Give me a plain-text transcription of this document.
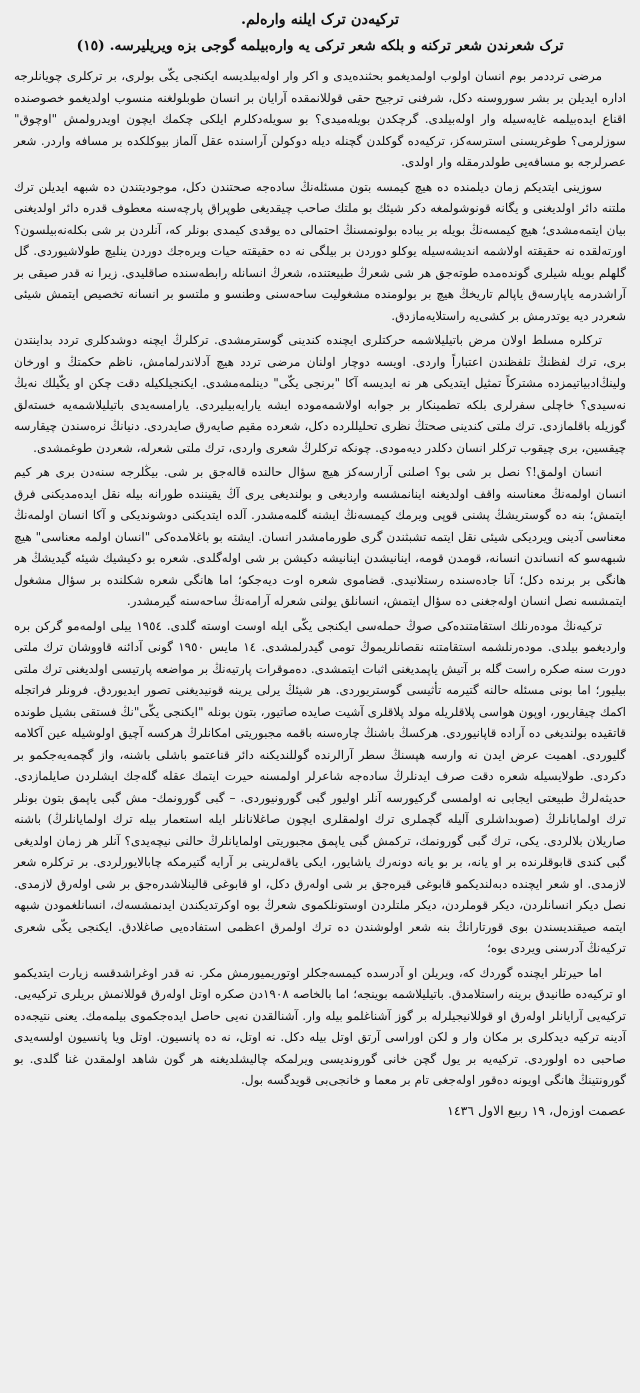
ترکیه‌دن ترک ایلنه وارەلم.
ترک شعرندن شعر ترکنه و بلکه شعر ترکی یه وارەبیلمه گوجی بزه ویریلیرسه. (۱٥)

مرضی تردد‌مر بوم انسان اولوب اولمدیغمو بحثنده‌یدی و اکر وار اوله‌بیلدیسه ایکنجی یکّی بولری، بر ترکلری چویانلرجه اداره ایدیلن بر بشر سوروسنه دکل، شرفنی ترجیح حقی قوللانمقده آرایان بر انسان طوبلولغنه منسوب اولدیغمو خصوصنده اقناع ایدەبیلمه غایه‌سیله وار اوله‌بیلدی. گرچکدن بویله‌میدی؟ بو سویله‌دکلرم ایلکی چکمك ایچون اویدرولمش "اوچوق" سوزلرمی؟ طوغریسنی استرسه‌کز، ترکیه‌ده گوکلدن گچنله دیله دوکولن آراسنده عقل آلماز بیوکلکده بر مسافه واردر. شعر عصرلرجه بو مسافه‌یی طولدرمقله وار اولدی.

سوزینی ایتدیکم زمان دیلمنده ده هیچ کیمسه بتون مسئله‌نڭ ساده‌جه صحتندن دکل، موجودیتندن ده شبهه ایدیلن ترك ملتنه دائر اولدیغنی و یگانه قونوشولمغه دکر شیئك بو ملتك صاحب چیقدیغی طوپراق پارچه‌سنه معطوف قدره دائر اولدیغنی بیان ایتمه‌مشدی؛ هیچ کیمسه‌نڭ بویله بر یباده بولونمسنڭ احتمالی ده یوقدی کیمدی بونلر که، آنلردن بر شی بکلەنه‌بیلسون؟ اورته‌لقده نه حقیقته اولاشمه اندیشه‌سیله یوکلو دوردن بر بیلگی نه ده حقیقته حیات ویره‌جك دوردن ینلیچ طولاشیوردی. گل گلهلم بویله شیلری گوندەمده طوتەجق هر شی شعرڭ طبیعتنده، شعرڭ انسانله رابطه‌سنده صاقلیدی. زیرا نه قدر صیقی بر آراشدرمه یاپارسەق یاپالم تاریخڭ هیچ بر بولومنده مشغولیت ساحه‌سنی وطنسو و ملتسو بر انسانه تخصیص ایتمش شیئی شعردر دیه یوتدرمش بر کشی‌یه راستلایه‌مازدق.

ترکلره مسلط اولان مرض باتیلیلاشمه حرکتلری ایچنده کندینی گوسترمشدی. ترکلرڭ ایچنه دوشدکلری تردد بداینتدن بری، ترك لفظنڭ تلفظندن اعتباراً واردی. اویسه دوچار اولنان مرضی تردد هیچ آدلاندرلمامش، ناظم حکمتڭ و اورخان ولینڭ‌ادبیاتیمزده مشترکاً تمثیل ایتدیکی هر نه ایدیسه آکا "برنجی یکّی" دینلمه‌مشدی. ایکنجیلکیله دقت چکن او یکّیلك نەيڭ نەسیدی؟ خاچلی سفرلری بلکه تطمینکار بر جوابه اولاشمه‌موده ایشه یارایه‌بیلیردی. یارامسه‌یدی باتیلیلاشمه‌یه خستەلق گوزیله باقلمازدی. ترك ملتی کندینی صحتڭ نظری تحلیللرده دکل، شعرده مقیم صایەرق صایدردی. دنیانڭ نره‌سندن چیقارسه چیقسین، بری چیقوب ترکلر انسان دکلدر دیه‌مودی. چونکه ترکلرڭ شعری واردی، ترك ملتی شعرله، شعردن طوغمشدی.

انسان اولمق!؟ نصل بر شی بو؟ اصلنی آرارسه‌کز هیچ سؤال حالنده قالەجق بر شی. بیڭلرجه سنه‌دن بری هر کیم انسان اولمه‌نڭ معناسنه واقف اولدیغنه اینانمشسه واردیغی و بولندیغی یری آڭ یقیننده طورانه بیله نقل ایده‌مدیکنی فرق ایتمش؛ بنه ده گوستریشڭ پشنی قوپی ویرمك کیمسه‌نڭ ایشنه گلمه‌مشدر. آلده ایتدیکنی دوشوندیکی و آکا انسان اولمه‌نڭ معناسی آدینی ویردیکی شیئی نقل ایتمه تشبثندن گری طورمامشدر انسان. ایشته بو باغلامده‌کی "انسان اولمه معناسی" هیچ شبهه‌سو که انساندن انسانه، قومدن قومه، اینانیشدن اینانیشه دکیشن بر شی اوله‌گلدی. شعره بو دکیشیك شیئه گیدیشڭ هر هانگی بر برنده دکل؛ آنا جاده‌سنده رستلانیدی. قضاموی شعره اوت دیه‌جکو؛ اما هانگی شعره شکلنده بر سؤال مشغول ایتمشسه نصل انسان اوله‌جغنی ده سؤال ایتمش، انسانلق یولنی شعرله آرامه‌نڭ ساحه‌سنه گیرمشدر.

ترکیه‌نڭ مودەرنلك استقامتنده‌کی صوڭ حمله‌سی ایکنجی یکّی ایله اوست اوسته گلدی. ۱۹٥٤ ییلی اولمه‌مو گرکن بره واردیغمو بیلدی. مودەرنلشمه استقامتنه نقصانلریموڭ تومی گیدرلمشدی. ١٤ مایس ١٩٥٠ گونی آدائنه قاووشان ترك ملتی دورت سنه صکره راست گله بر آتیش یاپمدیغنی اثبات ایتمشدی. دەموقرات پارتیەنڭ بر مواضعه پارتیسی اولدیغنی ترك ملتی بیلیور؛ اما بونی مسئله حالنه گتیرمه تأثیسی گوستریوردی. هر شیئڭ یرلی یرینه قونیدیغنی تصور ایدیوردق. فرونلر فراتجله اکمك چیقاریور، اوپون هواسی پلاقلریله مولد پلاقلری آشیت صایده صاتیور، بتون بونله "ایکنجی یکّی"نڭ فستقی بشیل طونده قاتقیده بولندیغی ده آراده قاپانیوردی. هرکسڭ باشنڭ چاره‌سنه باقمه مجبوریتی امکانلرڭ هرکسه آچیق اولوشیله عین آکلامه گلیوردی. اهمیت عرض ایدن نه وارسه هپسنڭ سطر آرالرنده گوللندیکنه دائر قناعتمو باشلی باشنه، واز گچمه‌یه‌جکمو بر دکردی. طولایسیله شعره دقت صرف ایدنلرڭ ساده‌جه شاعرلر اولمسنه حیرت ایتمك عقله گله‌جك ایشلردن صایلمازدی. حدیثه‌لرڭ طبیعتی ایجابی نه اولمسی گرکیورسه آنلر اولیور گبی گورونیوردی. – گبی گورونمك- مش گبی یاپمق بتون بونلر ترك اولمایانلرڭ (صوبداشلری آلیله گچملری ترك اولمقلری ایچون صاغلانانلر ایله استعمار بیله ترك اولمایانلرڭ) باشنه صاریلان بلالردی. یکی، ترك گبی گورونمك، ترکمش گبی یاپمق مجبوریتی اولمایانلرڭ حالنی نیچه‌یدی؟ آنلر هر زمان اولدیغی گبی کندی قابوقلرنده بر او یانه، بر بو یانه دونەرك یاشایور، ایکی یاقەلرینی بر آرایه گتیرمکه چابالایورلردی. بر ترکلره شعر لازمدی. او شعر ایچنده دبه‌لندیکمو قابوغی قیره‌جق بر شی اولەرق دکل، او قابوغی قالینلاشدره‌جق بر شی اولەرق لازمدی. نصل دیکر انسانلردن، دیکر قوملردن، دیکر ملتلردن اوستونلکموی شعرڭ بوه اوکرتدیکندن ایدنمشسه‌ك، انسانلغمودن شبهه ایتمه صیقندیسندن بوی قورتارانڭ بنه شعر اولوشندن ده ترك اولمرق اعظمی استفاده‌یی صاغلادق. ایکنجی یکّی شعری ترکیه‌نڭ آدرسنی ویردی بوه؛

اما حیرتلر ایچنده گوردك که، ویریلن او آدرسده کیمسه‌جکلر اوتوریمیورمش مکر. نه قدر اوغراشدقسه زیارت ایتدیکمو او ترکیه‌ده طانیدق برینه راستلامدق. باتیلیلاشمه بوینجه؛ اما بالخاصه ١٩٠٨دن صکره اوتل اولەرق قوللانمش بریلری ترکیه‌یی. ترکیه‌یی آرایانلر اولەرق او قوللانیجیلرله بر گوز آشناغلمو بیله وار. آشنالقدن نەیی حاصل ایده‌جکموی بیلمەمك. یعنی نتیجه‌ده آدینه ترکیه دیدکلری بر مکان وار و لکن اوراسی آرتق اوتل بیله دکل. نه اوتل، نه ده پانسیون. اوتل ویا پانسیون اولسه‌یدی صاحبی ده اولوردی. ترکیه‌یه بر یول گچن خانی گوروندیسی ویرلمکه چالیشلدیغنه هر گون شاهد اولمقدن غنا گلدی. بو گورونتینڭ هانگی اویونه دەقور اوله‌جغی تام بر معما و خانجی‌بی قویدگسه بول.

عصمت اوزەل، ١٩ ربیع الاول ١٤٣٦
